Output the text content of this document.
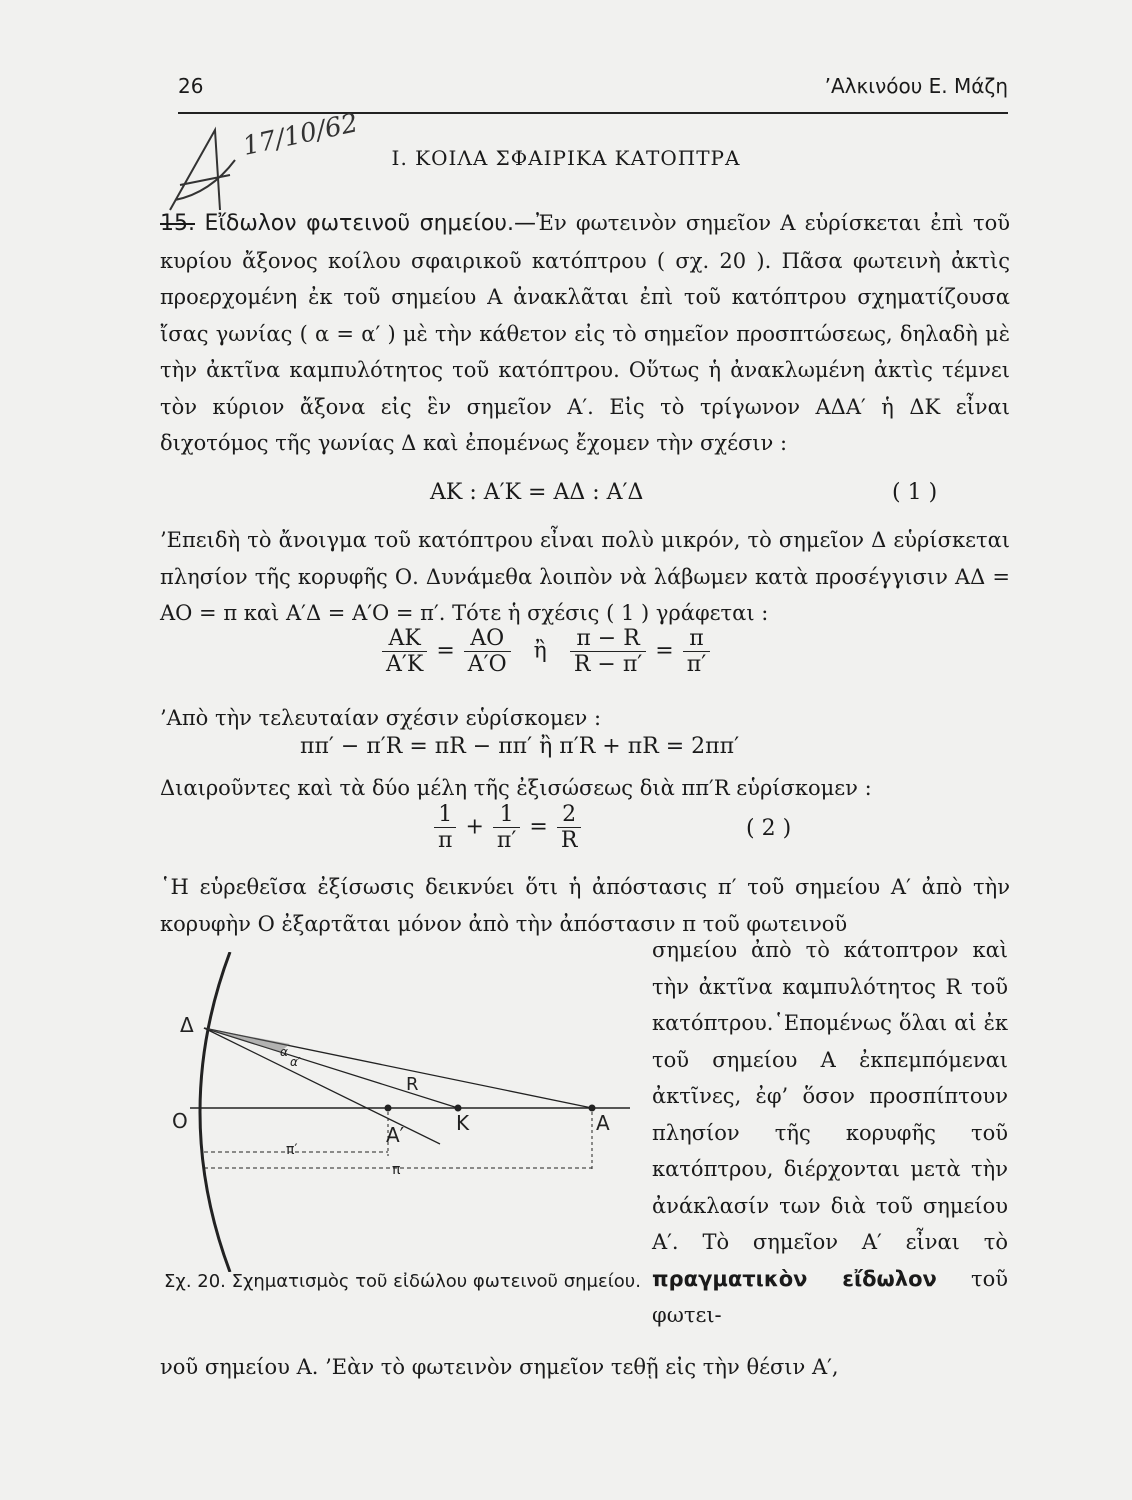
26	’Αλκινόου Ε. Μάζη
17/10/62	Ι. ΚΟΙΛΑ ΣΦΑΙΡΙΚΑ ΚΑΤΟΠΤΡΑ
15. Εἴδωλον φωτεινοῦ σημείου.—Ἐν φωτεινὸν σημεῖον Α εὑρίσκεται ἐπὶ τοῦ κυρίου ἄξονος κοίλου σφαιρικοῦ κατόπτρου ( σχ. 20 ). Πᾶσα φωτεινὴ ἀκτὶς προερχομένη ἐκ τοῦ σημείου Α ἀνακλᾶται ἐπὶ τοῦ κατόπτρου σχηματίζουσα ἴσας γωνίας ( α = α′ ) μὲ τὴν κάθετον εἰς τὸ σημεῖον προσπτώσεως, δηλαδὴ μὲ τὴν ἀκτῖνα καμπυλότητος τοῦ κατόπτρου. Οὕτως ἡ ἀνακλωμένη ἀκτὶς τέμνει τὸν κύριον ἄξονα εἰς ἓν σημεῖον Α′. Εἰς τὸ τρίγωνον ΑΔΑ′ ἡ ΔΚ εἶναι διχοτόμος τῆς γωνίας Δ καὶ ἐπομένως ἔχομεν τὴν σχέσιν :
ΑΚ : Α′Κ = ΑΔ : Α′Δ	( 1 )
’Επειδὴ τὸ ἄνοιγμα τοῦ κατόπτρου εἶναι πολὺ μικρόν, τὸ σημεῖον Δ εὑρίσκεται πλησίον τῆς κορυφῆς Ο. Δυνάμεθα λοιπὸν νὰ λάβωμεν κατὰ προσέγγισιν ΑΔ = ΑΟ = π καὶ Α′Δ = Α′Ο = π′. Τότε ἡ σχέσις ( 1 ) γράφεται :
$\frac{AK}{A'K} = \frac{AO}{A'O}$ ἢ $\frac{\pi - R}{R - \pi'} = \frac{\pi}{\pi'}$
’Απὸ τὴν τελευταίαν σχέσιν εὑρίσκομεν :
ππ′ − π′R = πR − ππ′ ἢ π′R + πR = 2ππ′
Διαιροῦντες καὶ τὰ δύο μέλη τῆς ἐξισώσεως διὰ ππ′R εὑρίσκομεν :
$\frac{1}{\pi} + \frac{1}{\pi'} = \frac{2}{R}$	( 2 )
῾Η εὑρεθεῖσα ἐξίσωσις δεικνύει ὅτι ἡ ἀπόστασις π′ τοῦ σημείου Α′ ἀπὸ τὴν κορυφὴν Ο ἐξαρτᾶται μόνον ἀπὸ τὴν ἀπόστασιν π τοῦ φωτεινοῦ
σημείου ἀπὸ τὸ κάτοπτρον καὶ τὴν ἀκτῖνα καμπυλότητος R τοῦ κατόπτρου.῾Επομένως ὅλαι αἱ ἐκ τοῦ σημείου Α ἐκπεμπόμεναι ἀκτῖνες, ἐφ’ ὅσον προσπίπτουν πλησίον τῆς κορυφῆς τοῦ κατόπτρου, διέρχονται μετὰ τὴν ἀνάκλασίν των διὰ τοῦ σημείου Α′. Τὸ σημεῖον Α′ εἶναι τὸ πραγματικὸν εἴδωλον τοῦ φωτει-
νοῦ σημείου Α. ’Εὰν τὸ φωτεινὸν σημεῖον τεθῇ εἰς τὴν θέσιν Α′,
Δ
O	A
A′	K
R
π′
π
α
α′
Σχ. 20. Σχηματισμὸς τοῦ εἰδώλου φωτεινοῦ σημείου.
